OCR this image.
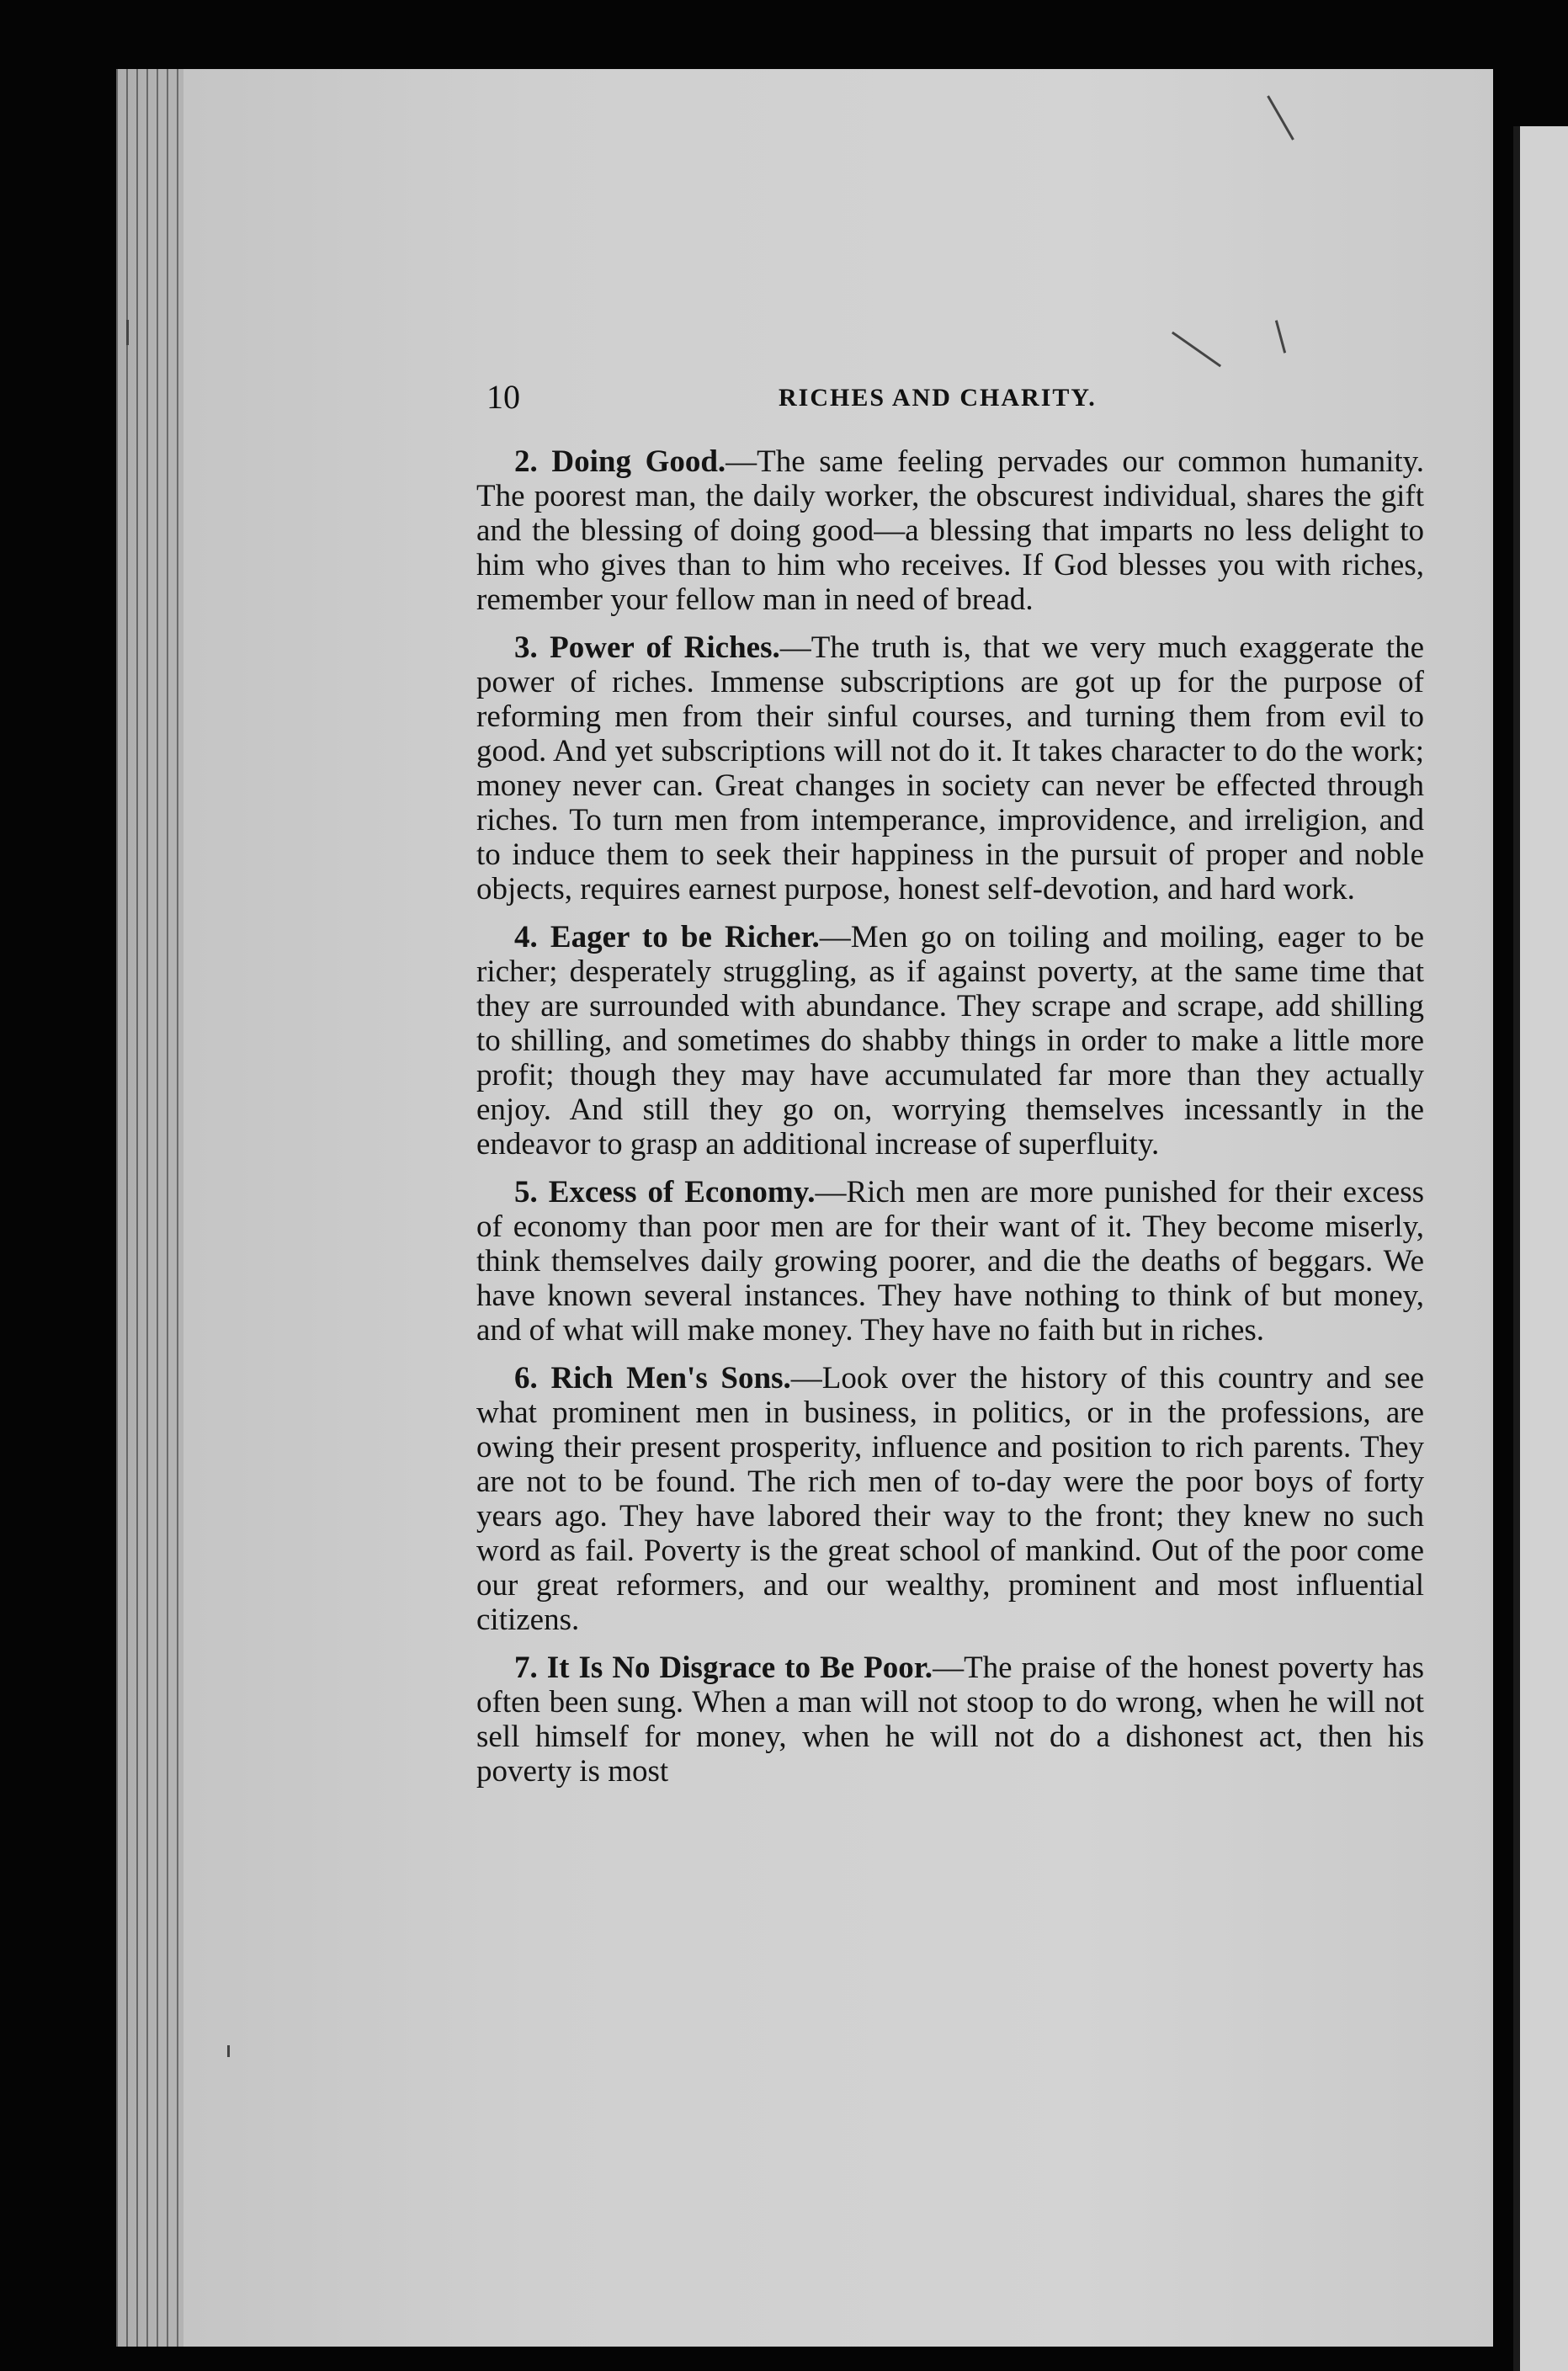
10	RICHES AND CHARITY.

2. Doing Good.—The same feeling pervades our common humanity. The poorest man, the daily worker, the obscurest individual, shares the gift and the blessing of doing good—a blessing that imparts no less delight to him who gives than to him who receives. If God blesses you with riches, remember your fellow man in need of bread.

3. Power of Riches.—The truth is, that we very much exaggerate the power of riches. Immense subscriptions are got up for the purpose of reforming men from their sinful courses, and turning them from evil to good. And yet subscriptions will not do it. It takes character to do the work; money never can. Great changes in society can never be effected through riches. To turn men from intemperance, improvidence, and irreligion, and to induce them to seek their happiness in the pursuit of proper and noble objects, requires earnest purpose, honest self-devotion, and hard work.

4. Eager to be Richer.—Men go on toiling and moiling, eager to be richer; desperately struggling, as if against poverty, at the same time that they are surrounded with abundance. They scrape and scrape, add shilling to shilling, and sometimes do shabby things in order to make a little more profit; though they may have accumulated far more than they actually enjoy. And still they go on, worrying themselves incessantly in the endeavor to grasp an additional increase of superfluity.

5. Excess of Economy.—Rich men are more punished for their excess of economy than poor men are for their want of it. They become miserly, think themselves daily growing poorer, and die the deaths of beggars. We have known several instances. They have nothing to think of but money, and of what will make money. They have no faith but in riches.

6. Rich Men's Sons.—Look over the history of this country and see what prominent men in business, in politics, or in the professions, are owing their present prosperity, influence and position to rich parents. They are not to be found. The rich men of to-day were the poor boys of forty years ago. They have labored their way to the front; they knew no such word as fail. Poverty is the great school of mankind. Out of the poor come our great reformers, and our wealthy, prominent and most influential citizens.

7. It Is No Disgrace to Be Poor.—The praise of the honest poverty has often been sung. When a man will not stoop to do wrong, when he will not sell himself for money, when he will not do a dishonest act, then his poverty is most
